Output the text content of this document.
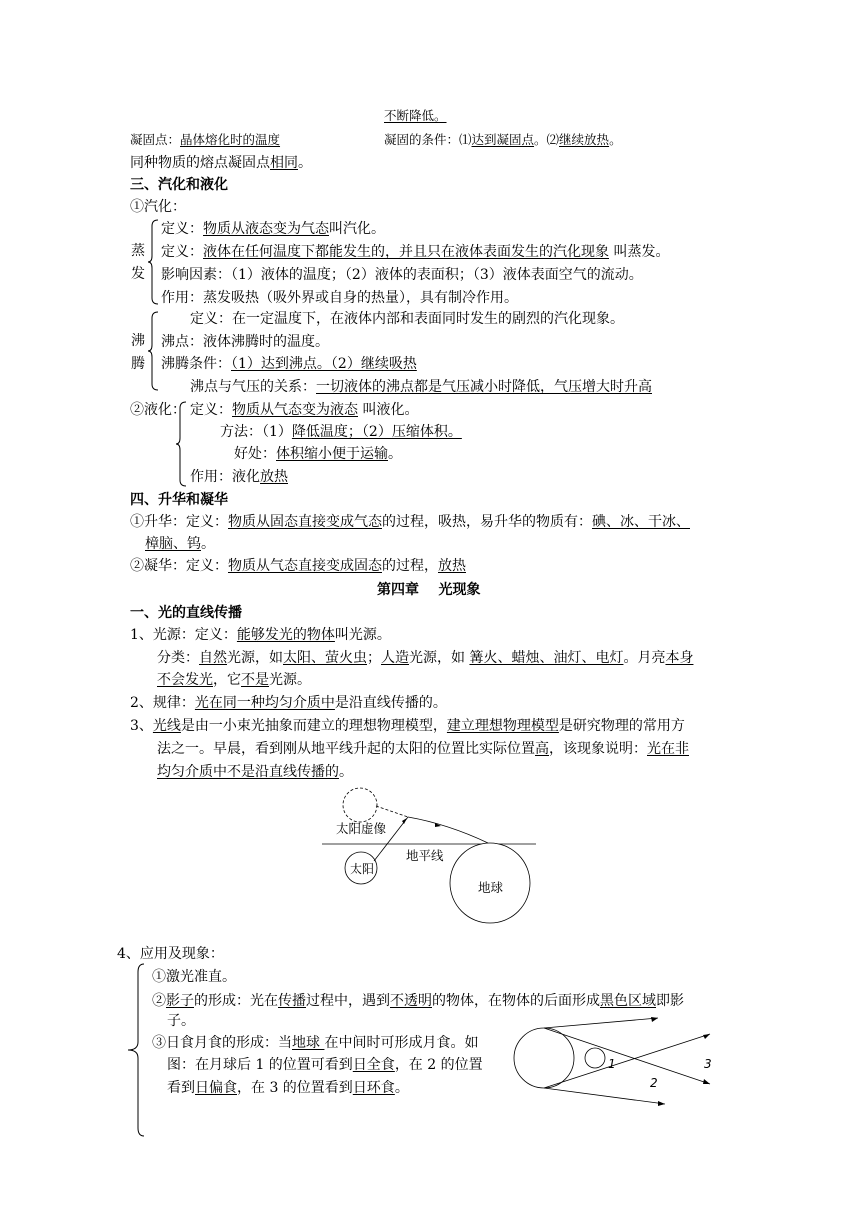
不断降低。
凝固点：晶体熔化时的温度	凝固的条件：⑴达到凝固点。⑵继续放热。
同种物质的熔点凝固点相同。
三、汽化和液化
①汽化：
蒸
发
定义：物质从液态变为气态叫汽化。
定义：液体在任何温度下都能发生的，并且只在液体表面发生的汽化现象 叫蒸发。
影响因素：（1）液体的温度；（2）液体的表面积；（3）液体表面空气的流动。
作用：蒸发吸热（吸外界或自身的热量），具有制冷作用。
沸
腾
定义：在一定温度下，在液体内部和表面同时发生的剧烈的汽化现象。
沸点：液体沸腾时的温度。
沸腾条件：（1）达到沸点。（2）继续吸热
沸点与气压的关系：一切液体的沸点都是气压减小时降低，气压增大时升高
②液化： 定义：物质从气态变为液态 叫液化。
方法：（1）降低温度；（2）压缩体积。
好处：体积缩小便于运输。
作用：液化放热
四、升华和凝华
①升华：定义：物质从固态直接变成气态的过程，吸热，易升华的物质有：碘、冰、干冰、
樟脑、钨。
②凝华：定义：物质从气态直接变成固态的过程，放热
第四章    光现象
一、光的直线传播
1、光源：定义：能够发光的物体叫光源。
分类：自然光源，如太阳、萤火虫；人造光源，如 篝火、蜡烛、油灯、电灯。月亮本身
不会发光，它不是光源。
2、规律：光在同一种均匀介质中是沿直线传播的。
3、光线是由一小束光抽象而建立的理想物理模型，建立理想物理模型是研究物理的常用方
法之一。早晨，看到刚从地平线升起的太阳的位置比实际位置高，该现象说明：光在非
均匀介质中不是沿直线传播的。
太阳虚像
地平线
太阳
地球
4、应用及现象：
①激光准直。
②影子的形成：光在传播过程中，遇到不透明的物体，在物体的后面形成黑色区域即影
子。
③日食月食的形成：当地球 在中间时可形成月食。如
图：在月球后 1 的位置可看到日全食，在 2 的位置
看到日偏食，在 3 的位置看到日环食。
1
2
3
